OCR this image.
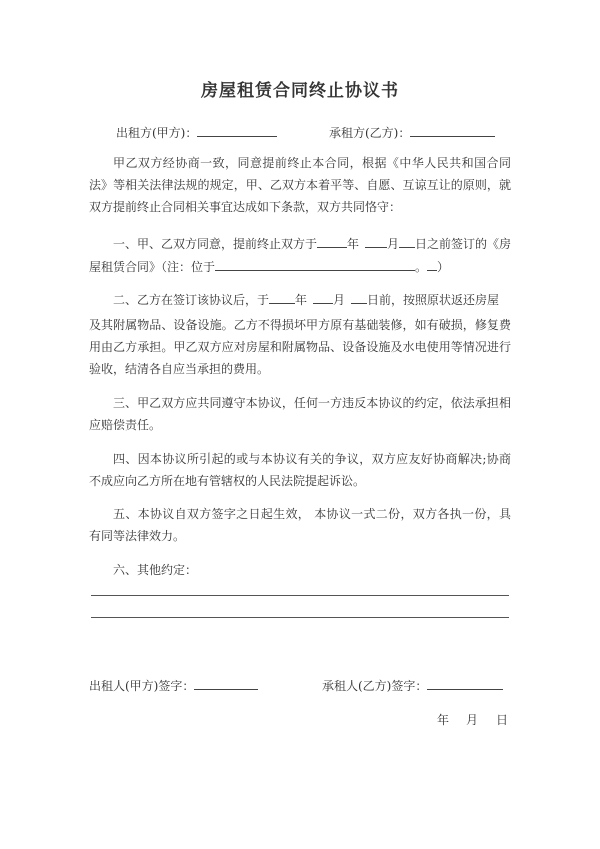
房屋租赁合同终止协议书
出租方(甲方)：	承租方(乙方)：
甲乙双方经协商一致，同意提前终止本合同，根据《中华人民共和国合同法》等相关法律法规的规定，甲、乙双方本着平等、自愿、互谅互让的原则，就双方提前终止合同相关事宜达成如下条款，双方共同恪守：
一、甲、乙双方同意，提前终止双方于	年 月 日之前签订的《房
屋租赁合同》（注：位于	。 ）
二、乙方在签订该协议后，于 年 月 日前，按照原状返还房屋
及其附属物品、设备设施。乙方不得损坏甲方原有基础装修，如有破损，修复费用由乙方承担。甲乙双方应对房屋和附属物品、设备设施及水电使用等情况进行验收，结清各自应当承担的费用。
三、甲乙双方应共同遵守本协议，任何一方违反本协议的约定，依法承担相应赔偿责任。
四、因本协议所引起的或与本协议有关的争议，双方应友好协商解决;协商不成应向乙方所在地有管辖权的人民法院提起诉讼。
五、本协议自双方签字之日起生效， 本协议一式二份，双方各执一份，具有同等法律效力。
六、其他约定：
出租人(甲方)签字：	承租人(乙方)签字：
年 月 日
